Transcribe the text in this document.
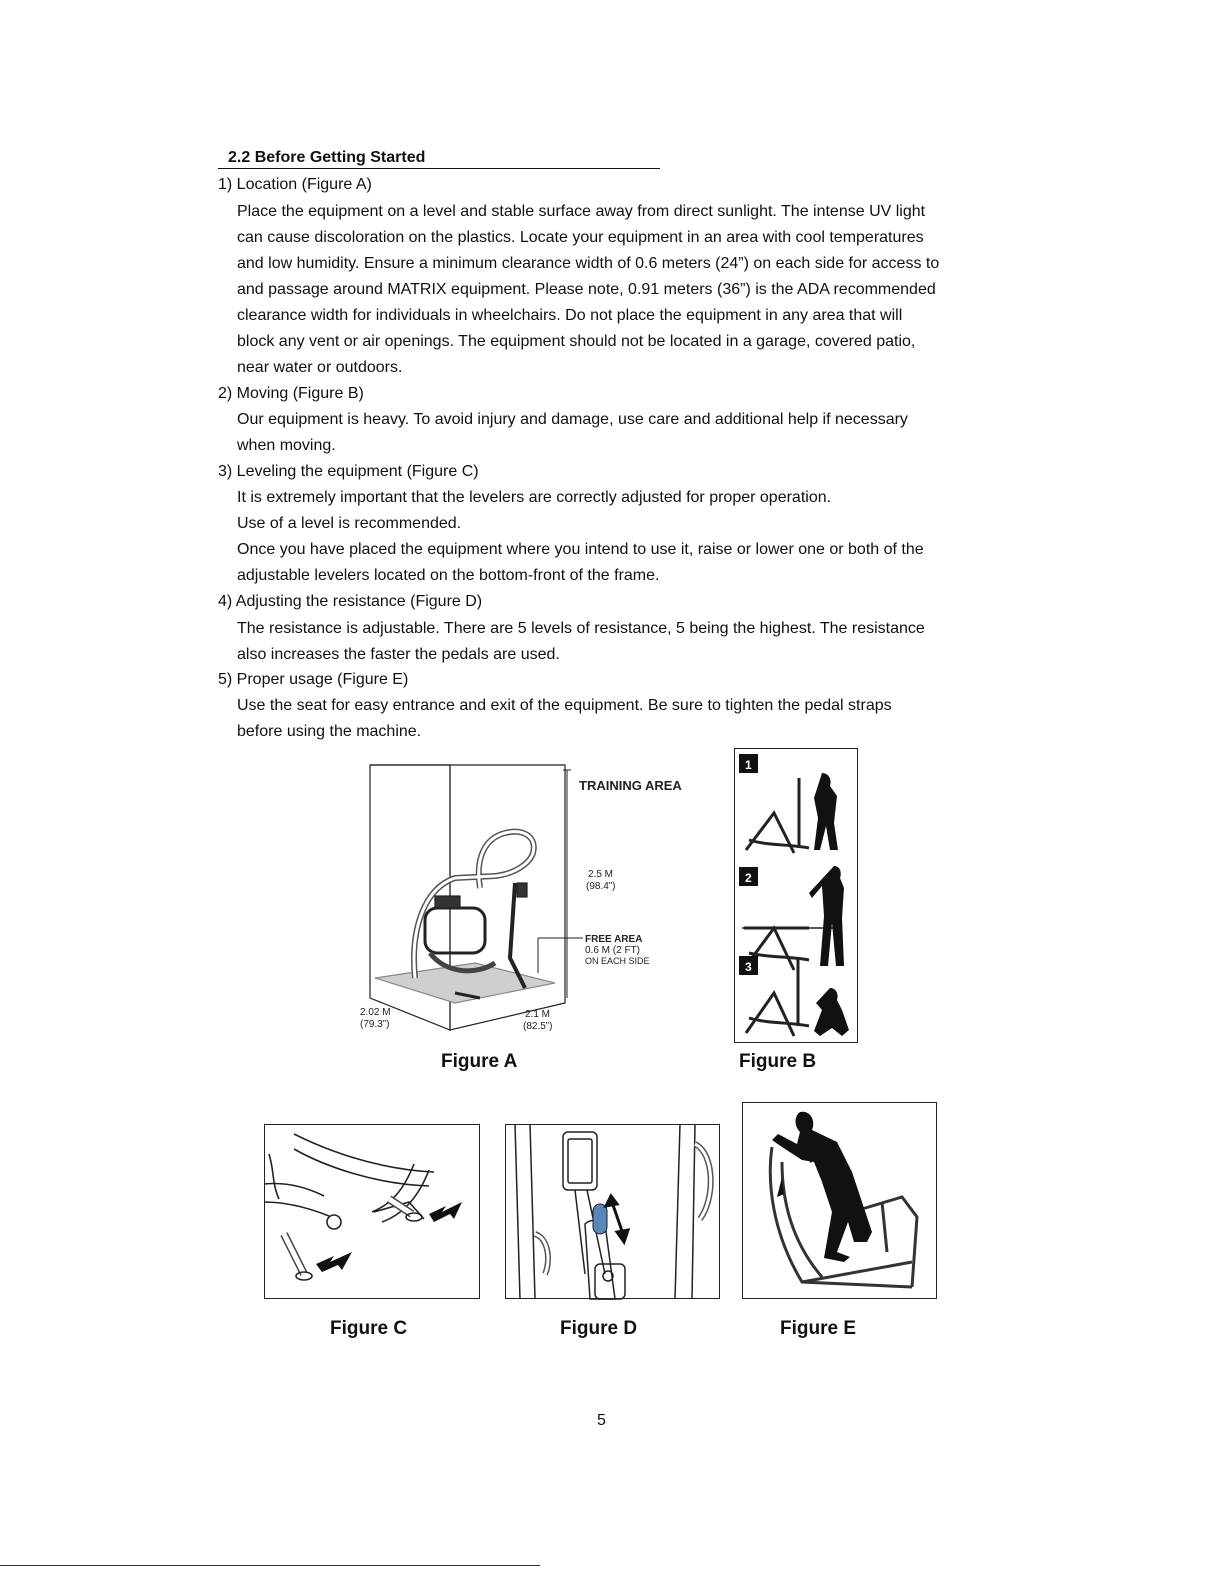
2.2 Before Getting Started
1) Location (Figure A)
Place the equipment on a level and stable surface away from direct sunlight. The intense UV light
can cause discoloration on the plastics. Locate your equipment in an area with cool temperatures
and low humidity. Ensure a minimum clearance width of 0.6 meters (24”) on each side for access to
and passage around MATRIX equipment. Please note, 0.91 meters (36”) is the ADA recommended
clearance width for individuals in wheelchairs. Do not place the equipment in any area that will
block any vent or air openings. The equipment should not be located in a garage, covered patio,
near water or outdoors.
2) Moving (Figure B)
Our equipment is heavy. To avoid injury and damage, use care and additional help if necessary
when moving.
3) Leveling the equipment (Figure C)
It is extremely important that the levelers are correctly adjusted for proper operation.
Use of a level is recommended.
Once you have placed the equipment where you intend to use it, raise or lower one or both of the
adjustable levelers located on the bottom-front of the frame.
4) Adjusting the resistance (Figure D)
The resistance is adjustable. There are 5 levels of resistance, 5 being the highest. The resistance
also increases the faster the pedals are used.
5) Proper usage (Figure E)
Use the seat for easy entrance and exit of the equipment. Be sure to tighten the pedal straps
before using the machine.
TRAINING AREA
2.5 M
(98.4”)
FREE AREA
0.6 M (2 FT)
ON EACH SIDE
2.02 M
(79.3”)
2.1 M
(82.5”)
Figure A
1
2
3
Figure B
Figure C	Figure D	Figure E
5
